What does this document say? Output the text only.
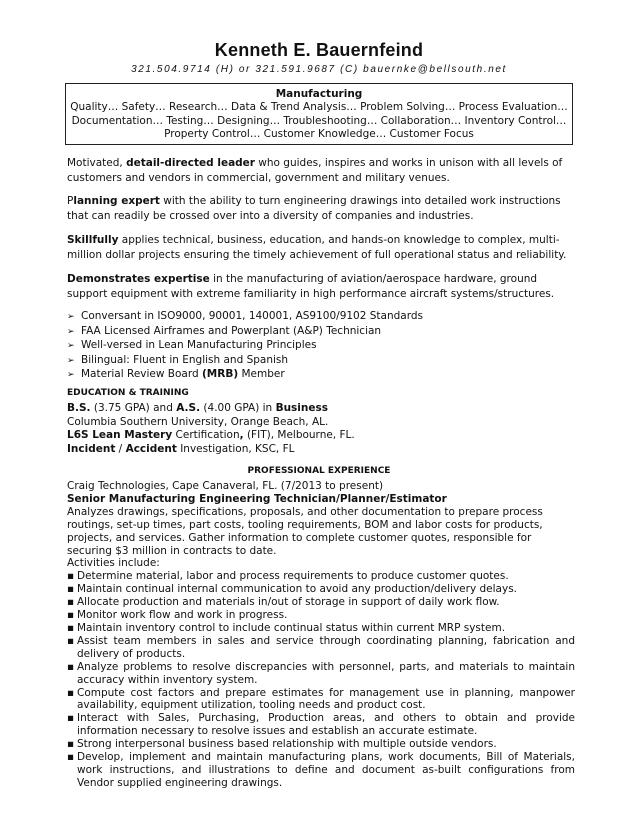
Kenneth E. Bauernfeind
321.504.9714 (H) or 321.591.9687 (C) bauernke@bellsouth.net
Manufacturing
Quality… Safety… Research… Data & Trend Analysis… Problem Solving… Process Evaluation…
Documentation… Testing… Designing… Troubleshooting… Collaboration… Inventory Control…
Property Control… Customer Knowledge… Customer Focus
Motivated, detail-directed leader who guides, inspires and works in unison with all levels of customers and vendors in commercial, government and military venues.
Planning expert with the ability to turn engineering drawings into detailed work instructions that can readily be crossed over into a diversity of companies and industries.
Skillfully applies technical, business, education, and hands-on knowledge to complex, multi-million dollar projects ensuring the timely achievement of full operational status and reliability.
Demonstrates expertise in the manufacturing of aviation/aerospace hardware, ground support equipment with extreme familiarity in high performance aircraft systems/structures.
➢ Conversant in ISO9000, 90001, 140001, AS9100/9102 Standards
➢ FAA Licensed Airframes and Powerplant (A&P) Technician
➢ Well-versed in Lean Manufacturing Principles
➢ Bilingual: Fluent in English and Spanish
➢ Material Review Board (MRB) Member
EDUCATION & TRAINING
B.S. (3.75 GPA) and A.S. (4.00 GPA) in Business
Columbia Southern University, Orange Beach, AL.
L6S Lean Mastery Certification, (FIT), Melbourne, FL.
Incident / Accident Investigation, KSC, FL
PROFESSIONAL EXPERIENCE
Craig Technologies, Cape Canaveral, FL. (7/2013 to present)
Senior Manufacturing Engineering Technician/Planner/Estimator
Analyzes drawings, specifications, proposals, and other documentation to prepare process routings, set-up times, part costs, tooling requirements, BOM and labor costs for products, projects, and services. Gather information to complete customer quotes, responsible for securing $3 million in contracts to date.
Activities include:
▪ Determine material, labor and process requirements to produce customer quotes.
▪ Maintain continual internal communication to avoid any production/delivery delays.
▪ Allocate production and materials in/out of storage in support of daily work flow.
▪ Monitor work flow and work in progress.
▪ Maintain inventory control to include continual status within current MRP system.
▪ Assist team members in sales and service through coordinating planning, fabrication and delivery of products.
▪ Analyze problems to resolve discrepancies with personnel, parts, and materials to maintain accuracy within inventory system.
▪ Compute cost factors and prepare estimates for management use in planning, manpower availability, equipment utilization, tooling needs and product cost.
▪ Interact with Sales, Purchasing, Production areas, and others to obtain and provide information necessary to resolve issues and establish an accurate estimate.
▪ Strong interpersonal business based relationship with multiple outside vendors.
▪ Develop, implement and maintain manufacturing plans, work documents, Bill of Materials, work instructions, and illustrations to define and document as-built configurations from Vendor supplied engineering drawings.
